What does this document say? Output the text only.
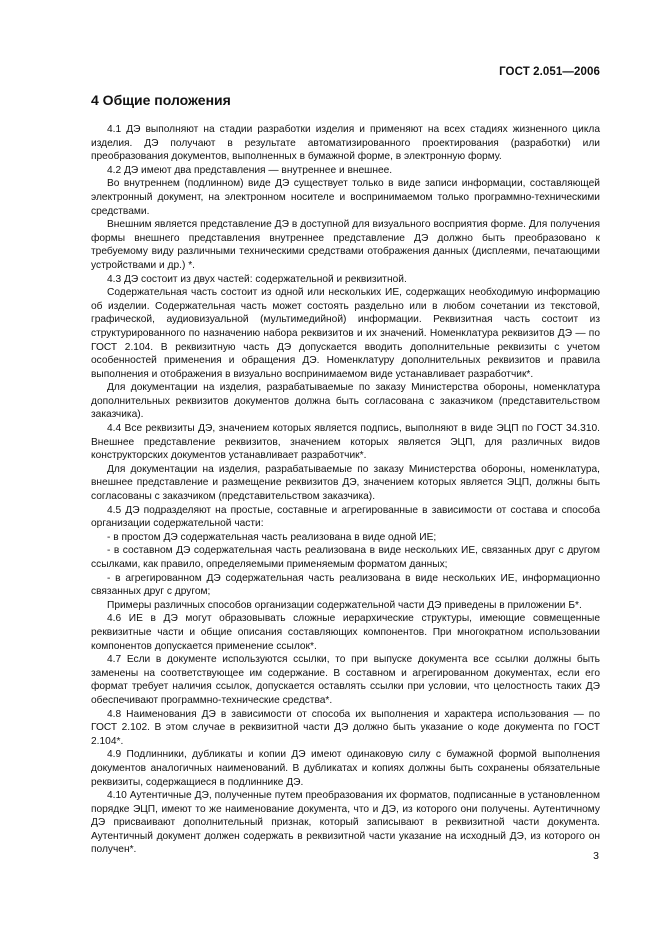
ГОСТ 2.051—2006
4 Общие положения

4.1 ДЭ выполняют на стадии разработки изделия и применяют на всех стадиях жизненного цикла изделия. ДЭ получают в результате автоматизированного проектирования (разработки) или преобразования документов, выполненных в бумажной форме, в электронную форму.

4.2 ДЭ имеют два представления — внутреннее и внешнее.

Во внутреннем (подлинном) виде ДЭ существует только в виде записи информации, составляющей электронный документ, на электронном носителе и воспринимаемом только программно-техническими средствами.

Внешним является представление ДЭ в доступной для визуального восприятия форме. Для получения формы внешнего представления внутреннее представление ДЭ должно быть преобразовано к требуемому виду различными техническими средствами отображения данных (дисплеями, печатающими устройствами и др.) *.

4.3 ДЭ состоит из двух частей: содержательной и реквизитной.

Содержательная часть состоит из одной или нескольких ИЕ, содержащих необходимую информацию об изделии. Содержательная часть может состоять раздельно или в любом сочетании из текстовой, графической, аудиовизуальной (мультимедийной) информации. Реквизитная часть состоит из структурированного по назначению набора реквизитов и их значений. Номенклатура реквизитов ДЭ — по ГОСТ 2.104. В реквизитную часть ДЭ допускается вводить дополнительные реквизиты с учетом особенностей применения и обращения ДЭ. Номенклатуру дополнительных реквизитов и правила выполнения и отображения в визуально воспринимаемом виде устанавливает разработчик*.

Для документации на изделия, разрабатываемые по заказу Министерства обороны, номенклатура дополнительных реквизитов документов должна быть согласована с заказчиком (представительством заказчика).

4.4 Все реквизиты ДЭ, значением которых является подпись, выполняют в виде ЭЦП по ГОСТ 34.310. Внешнее представление реквизитов, значением которых является ЭЦП, для различных видов конструкторских документов устанавливает разработчик*.

Для документации на изделия, разрабатываемые по заказу Министерства обороны, номенклатура, внешнее представление и размещение реквизитов ДЭ, значением которых является ЭЦП, должны быть согласованы с заказчиком (представительством заказчика).

4.5 ДЭ подразделяют на простые, составные и агрегированные в зависимости от состава и способа организации содержательной части:

- в простом ДЭ содержательная часть реализована в виде одной ИЕ;

- в составном ДЭ содержательная часть реализована в виде нескольких ИЕ, связанных друг с другом ссылками, как правило, определяемыми применяемым форматом данных;

- в агрегированном ДЭ содержательная часть реализована в виде нескольких ИЕ, информационно связанных друг с другом;

Примеры различных способов организации содержательной части ДЭ приведены в приложении Б*.

4.6 ИЕ в ДЭ могут образовывать сложные иерархические структуры, имеющие совмещенные реквизитные части и общие описания составляющих компонентов. При многократном использовании компонентов допускается применение ссылок*.

4.7 Если в документе используются ссылки, то при выпуске документа все ссылки должны быть заменены на соответствующее им содержание. В составном и агрегированном документах, если его формат требует наличия ссылок, допускается оставлять ссылки при условии, что целостность таких ДЭ обеспечивают программно-технические средства*.

4.8 Наименования ДЭ в зависимости от способа их выполнения и характера использования — по ГОСТ 2.102. В этом случае в реквизитной части ДЭ должно быть указание о коде документа по ГОСТ 2.104*.

4.9 Подлинники, дубликаты и копии ДЭ имеют одинаковую силу с бумажной формой выполнения документов аналогичных наименований. В дубликатах и копиях должны быть сохранены обязательные реквизиты, содержащиеся в подлиннике ДЭ.

4.10 Аутентичные ДЭ, полученные путем преобразования их форматов, подписанные в установленном порядке ЭЦП, имеют то же наименование документа, что и ДЭ, из которого они получены. Аутентичному ДЭ присваивают дополнительный признак, который записывают в реквизитной части документа. Аутентичный документ должен содержать в реквизитной части указание на исходный ДЭ, из которого он получен*.

3
